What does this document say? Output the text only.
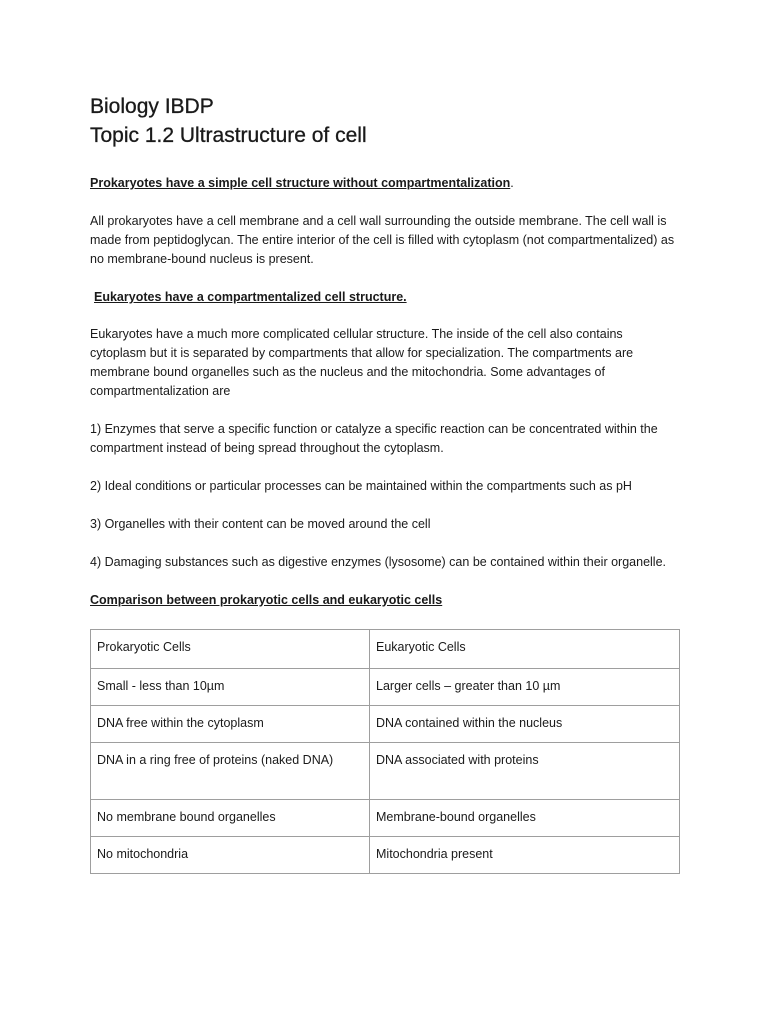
Biology IBDP
Topic 1.2 Ultrastructure of cell

Prokaryotes have a simple cell structure without compartmentalization.

All prokaryotes have a cell membrane and a cell wall surrounding the outside membrane. The cell wall is made from peptidoglycan. The entire interior of the cell is filled with cytoplasm (not compartmentalized) as no membrane-bound nucleus is present.

Eukaryotes have a compartmentalized cell structure.

Eukaryotes have a much more complicated cellular structure. The inside of the cell also contains cytoplasm but it is separated by compartments that allow for specialization. The compartments are membrane bound organelles such as the nucleus and the mitochondria. Some advantages of compartmentalization are

1) Enzymes that serve a specific function or catalyze a specific reaction can be concentrated within the compartment instead of being spread throughout the cytoplasm.

2) Ideal conditions or particular processes can be maintained within the compartments such as pH

3) Organelles with their content can be moved around the cell

4) Damaging substances such as digestive enzymes (lysosome) can be contained within their organelle.

Comparison between prokaryotic cells and eukaryotic cells

Prokaryotic Cells	Eukaryotic Cells
Small - less than 10µm	Larger cells – greater than 10 µm
DNA free within the cytoplasm	DNA contained within the nucleus
DNA in a ring free of proteins (naked DNA)	DNA associated with proteins
No membrane bound organelles	Membrane-bound organelles
No mitochondria	Mitochondria present
